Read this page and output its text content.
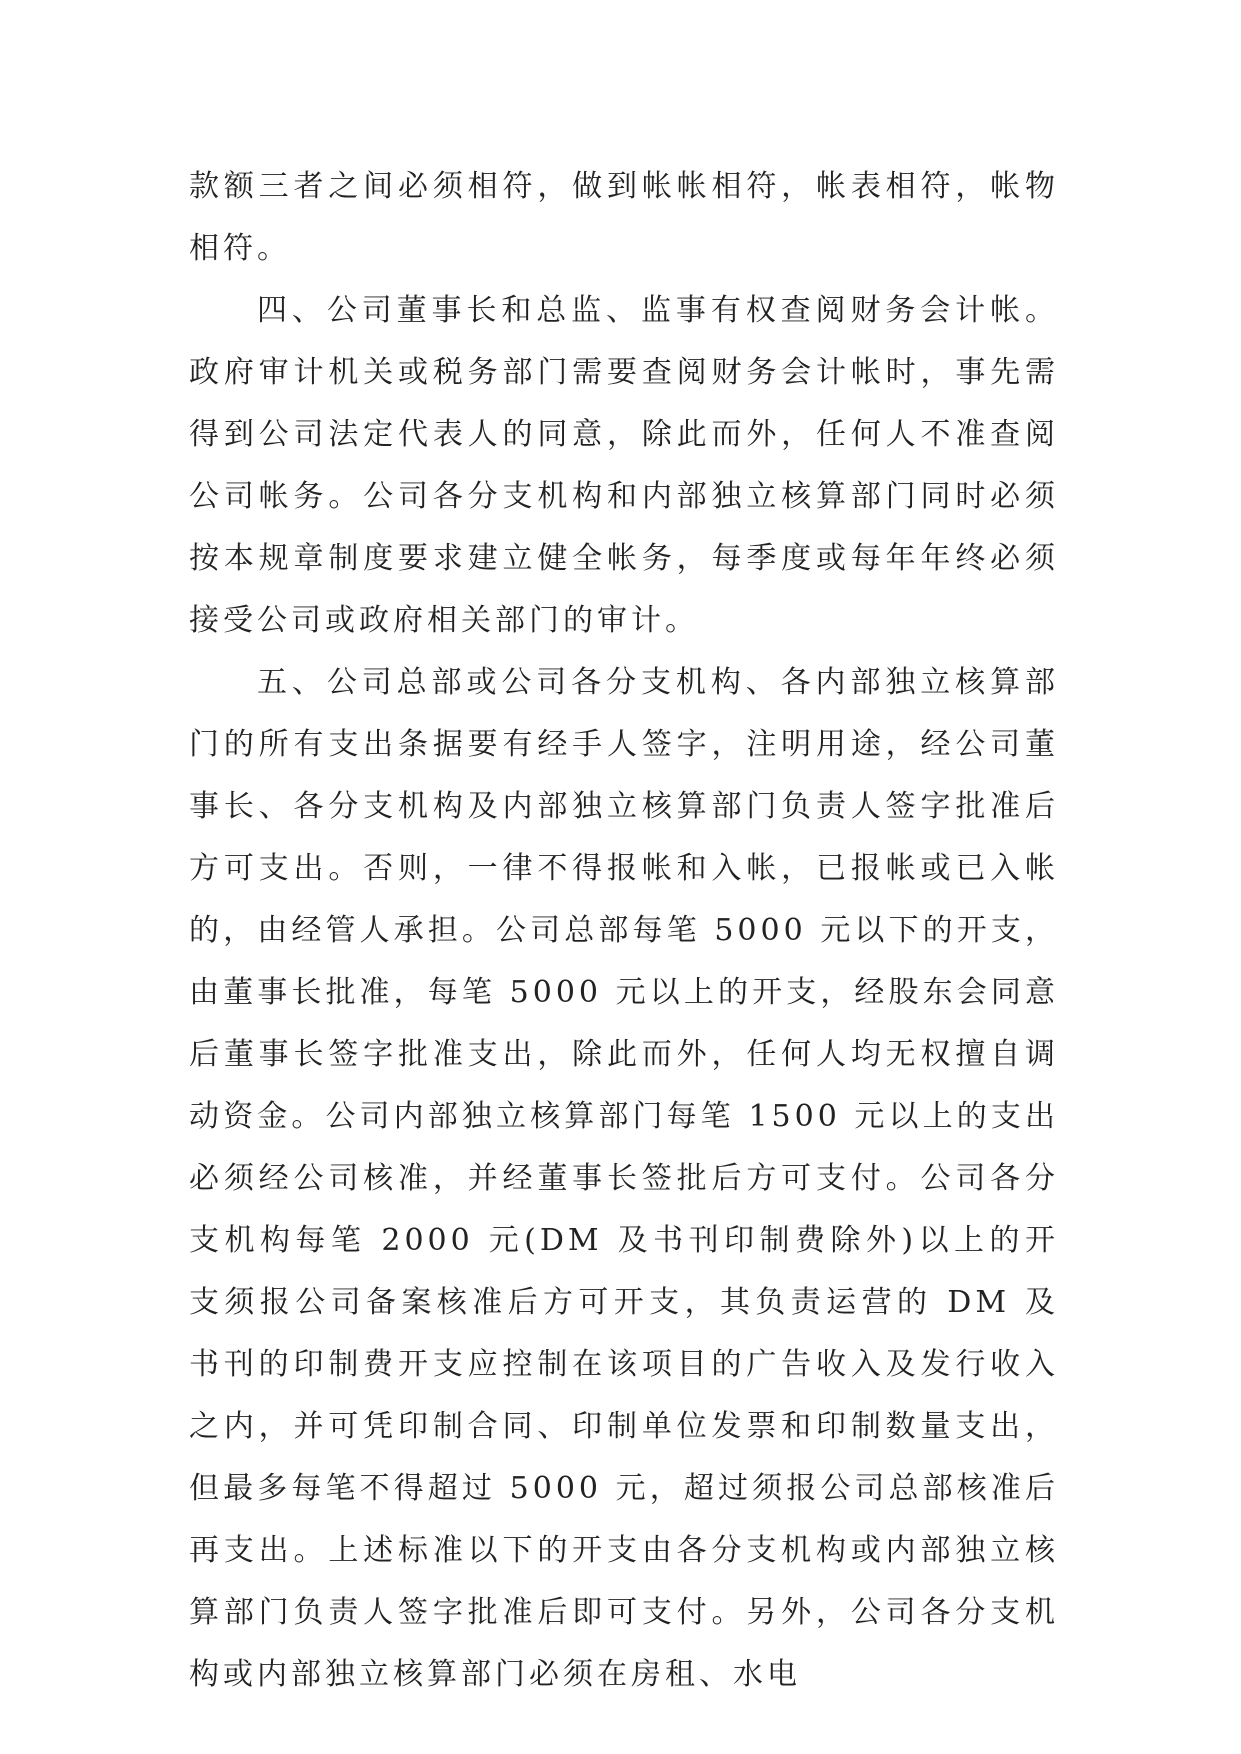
款额三者之间必须相符，做到帐帐相符，帐表相符，帐物相符。

四、公司董事长和总监、监事有权查阅财务会计帐。政府审计机关或税务部门需要查阅财务会计帐时，事先需得到公司法定代表人的同意，除此而外，任何人不准查阅公司帐务。公司各分支机构和内部独立核算部门同时必须按本规章制度要求建立健全帐务，每季度或每年年终必须接受公司或政府相关部门的审计。

五、公司总部或公司各分支机构、各内部独立核算部门的所有支出条据要有经手人签字，注明用途，经公司董事长、各分支机构及内部独立核算部门负责人签字批准后方可支出。否则，一律不得报帐和入帐，已报帐或已入帐的，由经管人承担。公司总部每笔 5000 元以下的开支，由董事长批准，每笔 5000 元以上的开支，经股东会同意后董事长签字批准支出，除此而外，任何人均无权擅自调动资金。公司内部独立核算部门每笔 1500 元以上的支出必须经公司核准，并经董事长签批后方可支付。公司各分支机构每笔 2000 元(DM 及书刊印制费除外)以上的开支须报公司备案核准后方可开支，其负责运营的 DM 及书刊的印制费开支应控制在该项目的广告收入及发行收入之内，并可凭印制合同、印制单位发票和印制数量支出，但最多每笔不得超过 5000 元，超过须报公司总部核准后再支出。上述标准以下的开支由各分支机构或内部独立核算部门负责人签字批准后即可支付。另外，公司各分支机构或内部独立核算部门必须在房租、水电
